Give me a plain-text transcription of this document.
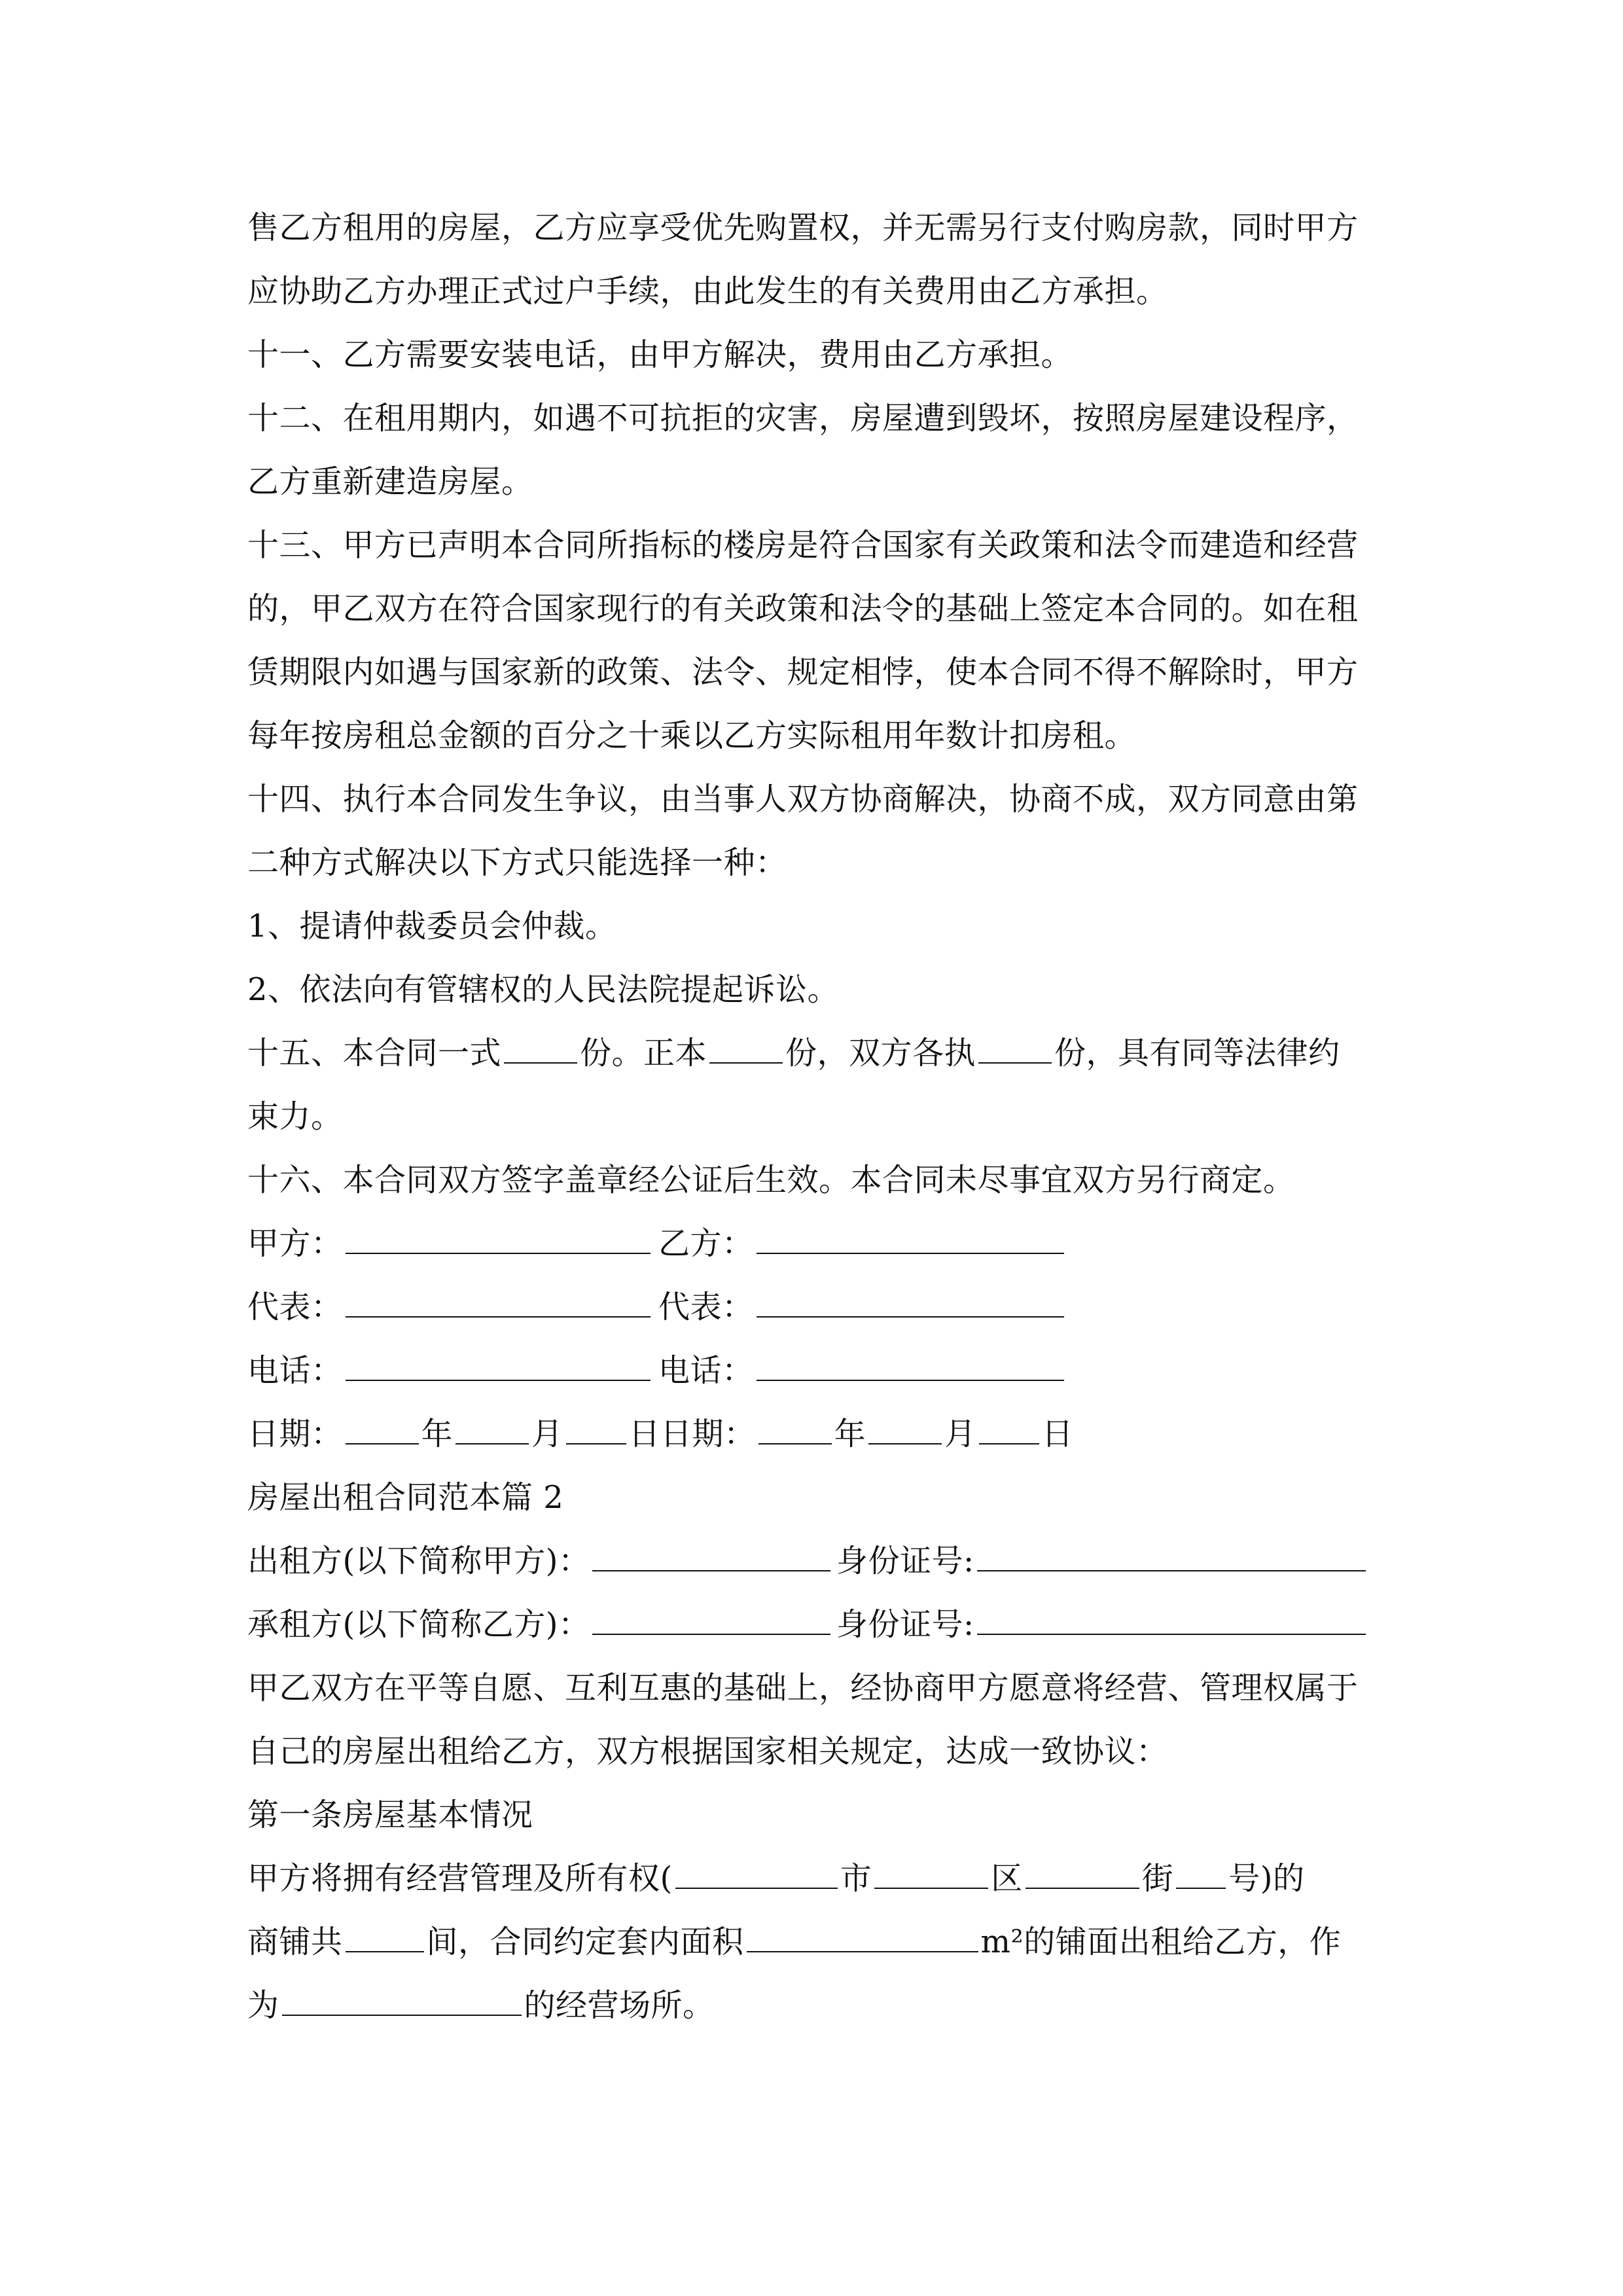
售乙方租用的房屋，乙方应享受优先购置权，并无需另行支付购房款，同时甲方
应协助乙方办理正式过户手续，由此发生的有关费用由乙方承担。
十一、乙方需要安装电话，由甲方解决，费用由乙方承担。
十二、在租用期内，如遇不可抗拒的灾害，房屋遭到毁坏，按照房屋建设程序，
乙方重新建造房屋。
十三、甲方已声明本合同所指标的楼房是符合国家有关政策和法令而建造和经营
的，甲乙双方在符合国家现行的有关政策和法令的基础上签定本合同的。如在租
赁期限内如遇与国家新的政策、法令、规定相悖，使本合同不得不解除时，甲方
每年按房租总金额的百分之十乘以乙方实际租用年数计扣房租。
十四、执行本合同发生争议，由当事人双方协商解决，协商不成，双方同意由第
二种方式解决以下方式只能选择一种：
1、提请仲裁委员会仲裁。
2、依法向有管辖权的人民法院提起诉讼。
十五、本合同一式	份。正本	份，双方各执	份，具有同等法律约
束力。
十六、本合同双方签字盖章经公证后生效。本合同未尽事宜双方另行商定。
甲方：	乙方：
代表：	代表：
电话：	电话：
日期：	年	月 日日期：	年	月 日
房屋出租合同范本篇 2
出租方(以下简称甲方)：	身份证号:
承租方(以下简称乙方)：	身份证号:
甲乙双方在平等自愿、互利互惠的基础上，经协商甲方愿意将经营、管理权属于
自己的房屋出租给乙方，双方根据国家相关规定，达成一致协议：
第一条房屋基本情况
甲方将拥有经营管理及所有权(	市	区	街 号)的
商铺共	间，合同约定套内面积	m²的铺面出租给乙方，作
为	的经营场所。
